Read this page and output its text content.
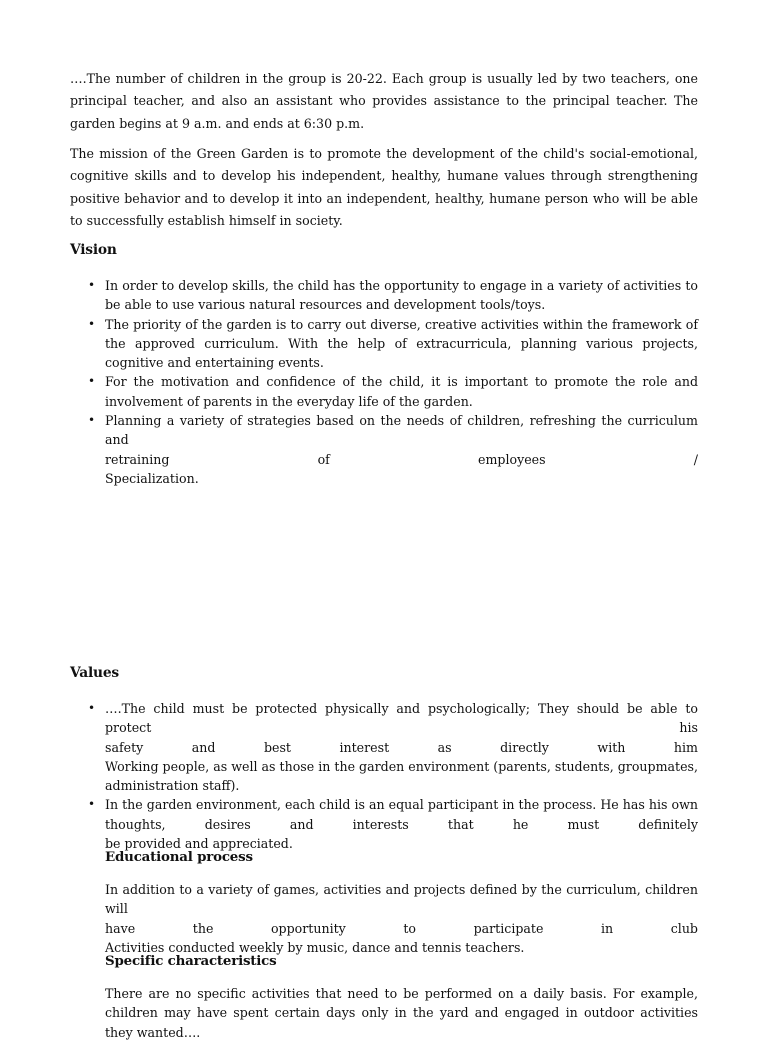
….The number of children in the group is 20-22. Each group is usually led by two teachers, one principal teacher, and also an assistant who provides assistance to the principal teacher. The garden begins at 9 a.m. and ends at 6:30 p.m.

The mission of the Green Garden is to promote the development of the child's social-emotional, cognitive skills and to develop his independent, healthy, humane values through strengthening positive behavior and to develop it into an independent, healthy, humane person who will be able to successfully establish himself in society.

Vision
• In order to develop skills, the child has the opportunity to engage in a variety of activities to be able to use various natural resources and development tools/toys.
• The priority of the garden is to carry out diverse, creative activities within the framework of the approved curriculum. With the help of extracurricula, planning various projects, cognitive and entertaining events.
• For the motivation and confidence of the child, it is important to promote the role and involvement of parents in the everyday life of the garden.
• Planning a variety of strategies based on the needs of children, refreshing the curriculum and
retraining of employees /
Specialization.
Values
• ….The child must be protected physically and psychologically; They should be able to protect his
safety and best interest as directly with him
Working people, as well as those in the garden environment (parents, students, groupmates, administration staff).
• In the garden environment, each child is an equal participant in the process. He has his own
thoughts, desires and interests that he must definitely
be provided and appreciated.
Educational process

In addition to a variety of games, activities and projects defined by the curriculum, children will
have the opportunity to participate in club
Activities conducted weekly by music, dance and tennis teachers.

Specific characteristics

There are no specific activities that need to be performed on a daily basis. For example, children may have spent certain days only in the yard and engaged in outdoor activities they wanted….
